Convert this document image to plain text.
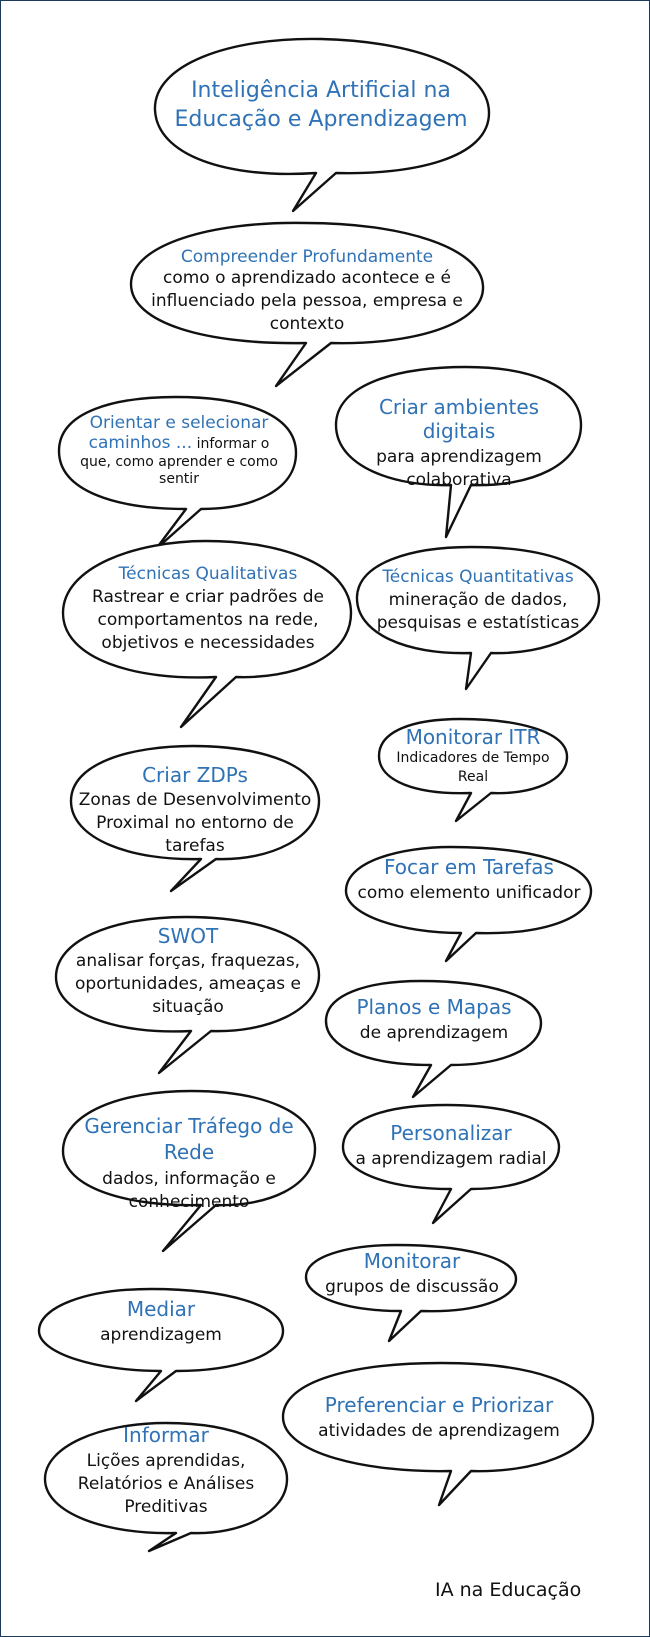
Inteligência Artificial na Educação e Aprendizagem
Compreender Profundamente
como o aprendizado acontece e é influenciado pela pessoa, empresa e contexto
Orientar e selecionar caminhos ... informar o que, como aprender e como sentir
Criar ambientes digitais
para aprendizagem colaborativa
Técnicas Qualitativas
Rastrear e criar padrões de comportamentos na rede, objetivos e necessidades
Técnicas Quantitativas
mineração de dados, pesquisas e estatísticas
Monitorar ITR
Indicadores de Tempo Real
Criar ZDPs
Zonas de Desenvolvimento Proximal no entorno de tarefas
Focar em Tarefas
como elemento unificador
SWOT
analisar forças, fraquezas, oportunidades, ameaças e situação	Planos e Mapas
de aprendizagem
Gerenciar Tráfego de Rede
dados, informação e conhecimento
Personalizar
a aprendizagem radial
Monitorar
grupos de discussão
Mediar
aprendizagem
Preferenciar e Priorizar
atividades de aprendizagem
Informar
Lições aprendidas, Relatórios e Análises Preditivas
IA na Educação
